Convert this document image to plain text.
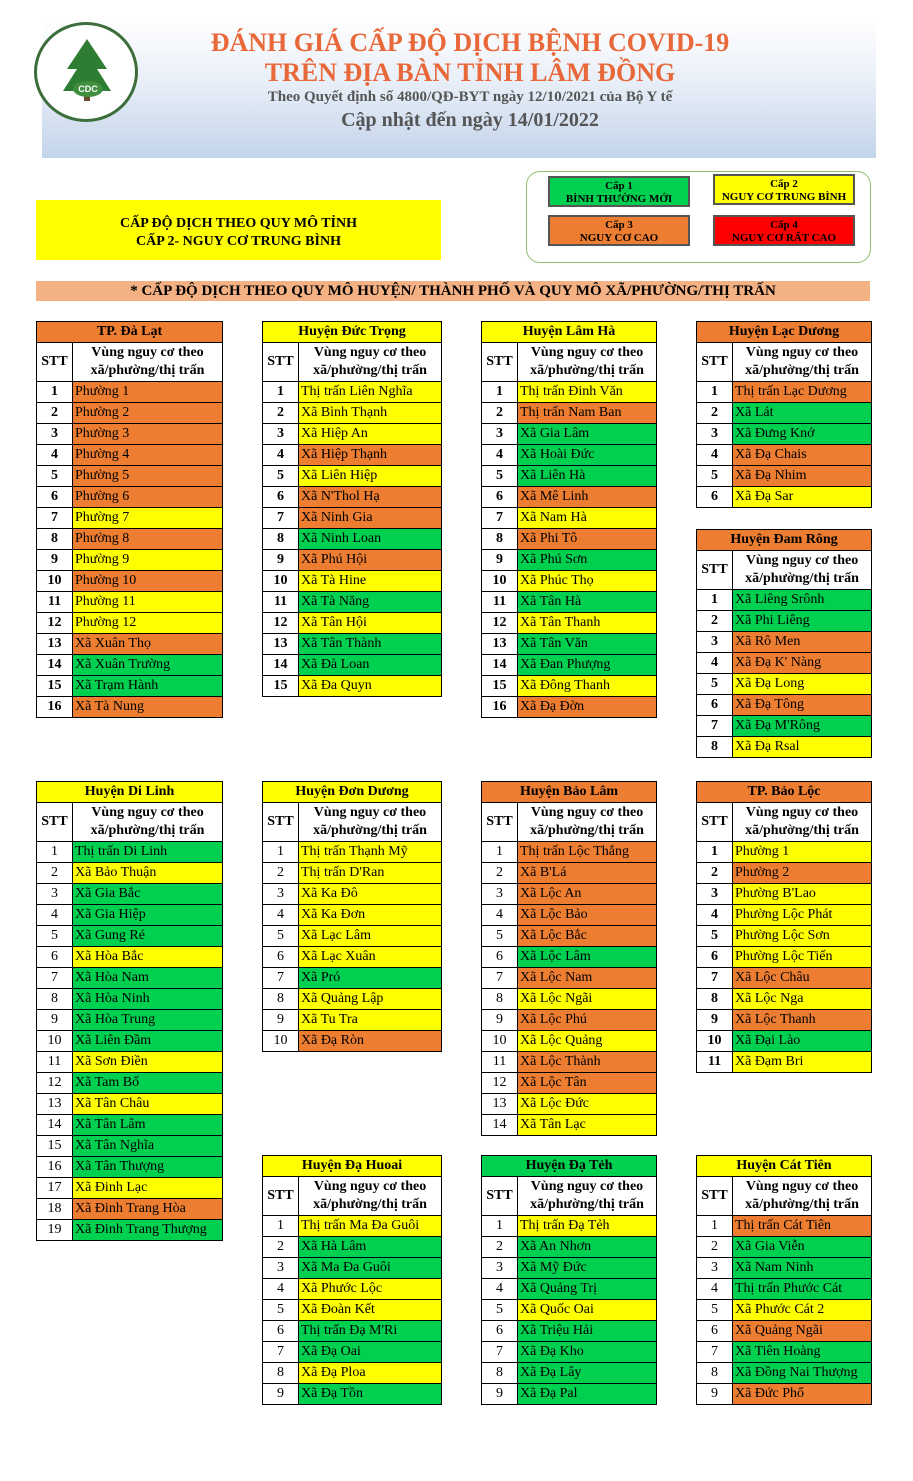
CDC
ĐÁNH GIÁ CẤP ĐỘ DỊCH BỆNH COVID-19
TRÊN ĐỊA BÀN TỈNH LÂM ĐỒNG
Theo Quyết định số 4800/QĐ-BYT ngày 12/10/2021 của Bộ Y tế
Cập nhật đến ngày 14/01/2022
CẤP ĐỘ DỊCH THEO QUY MÔ TỈNH
CẤP 2- NGUY CƠ TRUNG BÌNH
Cấp 1
BÌNH THƯỜNG MỚI
Cấp 2
NGUY CƠ TRUNG BÌNH
Cấp 3
NGUY CƠ CAO
Cấp 4
NGUY CƠ RẤT CAO
* CẤP ĐỘ DỊCH THEO QUY MÔ HUYỆN/ THÀNH PHỐ VÀ QUY MÔ XÃ/PHƯỜNG/THỊ TRẤN
TP. Đà Lạt	
STT	Vùng nguy cơ theo xã/phường/thị trấn
1	Phường 1
2	Phường 2
3	Phường 3
4	Phường 4
5	Phường 5
6	Phường 6
7	Phường 7
8	Phường 8
9	Phường 9
10	Phường 10
11	Phường 11
12	Phường 12
13	Xã Xuân Thọ
14	Xã Xuân Trường
15	Xã Trạm Hành
16	Xã Tà Nung
Huyện Đức Trọng	
STT	Vùng nguy cơ theo xã/phường/thị trấn
1	Thị trấn Liên Nghĩa
2	Xã Bình Thạnh
3	Xã Hiệp An
4	Xã Hiệp Thạnh
5	Xã Liên Hiệp
6	Xã N'Thol Hạ
7	Xã Ninh Gia
8	Xã Ninh Loan
9	Xã Phú Hội
10	Xã Tà Hine
11	Xã Tà Năng
12	Xã Tân Hội
13	Xã Tân Thành
14	Xã Đà Loan
15	Xã Đa Quyn
Huyện Lâm Hà	
STT	Vùng nguy cơ theo xã/phường/thị trấn
1	Thị trấn Đinh Văn
2	Thị trấn Nam Ban
3	Xã Gia Lâm
4	Xã Hoài Đức
5	Xã Liên Hà
6	Xã Mê Linh
7	Xã Nam Hà
8	Xã Phi Tô
9	Xã Phú Sơn
10	Xã Phúc Thọ
11	Xã Tân Hà
12	Xã Tân Thanh
13	Xã Tân Văn
14	Xã Đan Phượng
15	Xã Đông Thanh
16	Xã Đạ Đờn
Huyện Lạc Dương	
STT	Vùng nguy cơ theo xã/phường/thị trấn
1	Thị trấn Lạc Dương
2	Xã Lát
3	Xã Đưng Knớ
4	Xã Đạ Chais
5	Xã Đạ Nhim
6	Xã Đạ Sar
Huyện Đam Rông	
STT	Vùng nguy cơ theo xã/phường/thị trấn
1	Xã Liêng Srônh
2	Xã Phi Liêng
3	Xã Rô Men
4	Xã Đạ K' Nàng
5	Xã Đạ Long
6	Xã Đạ Tông
7	Xã Đạ M'Rông
8	Xã Đạ Rsal
Huyện Di Linh	
STT	Vùng nguy cơ theo xã/phường/thị trấn
1	Thị trấn Di Linh
2	Xã Bảo Thuận
3	Xã Gia Bắc
4	Xã Gia Hiệp
5	Xã Gung Ré
6	Xã Hòa Bắc
7	Xã Hòa Nam
8	Xã Hòa Ninh
9	Xã Hòa Trung
10	Xã Liên Đầm
11	Xã Sơn Điền
12	Xã Tam Bố
13	Xã Tân Châu
14	Xã Tân Lâm
15	Xã Tân Nghĩa
16	Xã Tân Thượng
17	Xã Đinh Lạc
18	Xã Đinh Trang Hòa
19	Xã Đinh Trang Thượng
Huyện Đơn Dương	
STT	Vùng nguy cơ theo xã/phường/thị trấn
1	Thị trấn Thạnh Mỹ
2	Thị trấn D'Ran
3	Xã Ka Đô
4	Xã Ka Đơn
5	Xã Lạc Lâm
6	Xã Lạc Xuân
7	Xã Pró
8	Xã Quảng Lập
9	Xã Tu Tra
10	Xã Đạ Ròn
Huyện Bảo Lâm	
STT	Vùng nguy cơ theo xã/phường/thị trấn
1	Thị trấn Lộc Thắng
2	Xã B'Lá
3	Xã Lộc An
4	Xã Lộc Bảo
5	Xã Lộc Bắc
6	Xã Lộc Lâm
7	Xã Lộc Nam
8	Xã Lộc Ngãi
9	Xã Lộc Phú
10	Xã Lộc Quảng
11	Xã Lộc Thành
12	Xã Lộc Tân
13	Xã Lộc Đức
14	Xã Tân Lạc
TP. Bảo Lộc	
STT	Vùng nguy cơ theo xã/phường/thị trấn
1	Phường 1
2	Phường 2
3	Phường B'Lao
4	Phường Lộc Phát
5	Phường Lộc Sơn
6	Phường Lộc Tiến
7	Xã Lộc Châu
8	Xã Lộc Nga
9	Xã Lộc Thanh
10	Xã Đại Lào
11	Xã Đạm Bri
Huyện Đạ Huoai	
STT	Vùng nguy cơ theo xã/phường/thị trấn
1	Thị trấn Ma Đa Guôi
2	Xã Hà Lâm
3	Xã Ma Đa Guôi
4	Xã Phước Lộc
5	Xã Đoàn Kết
6	Thị trấn Đạ M'Ri
7	Xã Đạ Oai
8	Xã Đạ Ploa
9	Xã Đạ Tồn
Huyện Đạ Tẻh	
STT	Vùng nguy cơ theo xã/phường/thị trấn
1	Thị trấn Đạ Tẻh
2	Xã An Nhơn
3	Xã Mỹ Đức
4	Xã Quảng Trị
5	Xã Quốc Oai
6	Xã Triệu Hải
7	Xã Đạ Kho
8	Xã Đạ Lây
9	Xã Đạ Pal
Huyện Cát Tiên	
STT	Vùng nguy cơ theo xã/phường/thị trấn
1	Thị trấn Cát Tiên
2	Xã Gia Viễn
3	Xã Nam Ninh
4	Thị trấn Phước Cát
5	Xã Phước Cát 2
6	Xã Quảng Ngãi
7	Xã Tiên Hoàng
8	Xã Đồng Nai Thượng
9	Xã Đức Phổ
